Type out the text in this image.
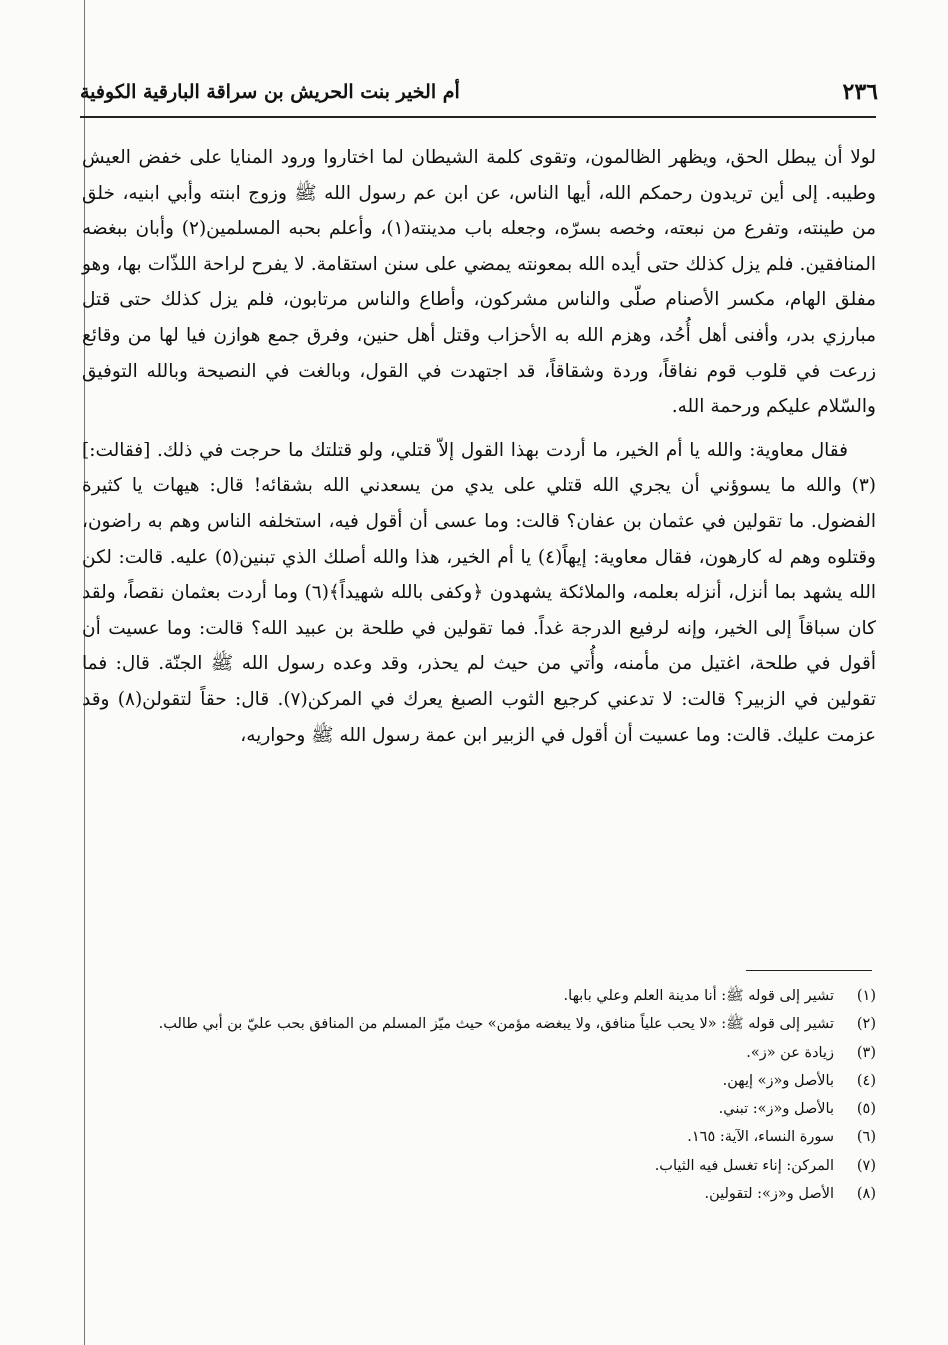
٢٣٦
أم الخير بنت الحريش بن سراقة البارقية الكوفية

لولا أن يبطل الحق، ويظهر الظالمون، وتقوى كلمة الشيطان لما اختاروا ورود المنايا على خفض العيش وطيبه. إلى أين تريدون رحمكم الله، أيها الناس، عن ابن عم رسول الله ﷺ وزوج ابنته وأبي ابنيه، خلق من طينته، وتفرع من نبعته، وخصه بسرّه، وجعله باب مدينته(١)، وأعلم بحبه المسلمين(٢) وأبان ببغضه المنافقين. فلم يزل كذلك حتى أيده الله بمعونته يمضي على سنن استقامة. لا يفرح لراحة اللذّات بها، وهو مفلق الهام، مكسر الأصنام صلّى والناس مشركون، وأطاع والناس مرتابون، فلم يزل كذلك حتى قتل مبارزي بدر، وأفنى أهل أُحُد، وهزم الله به الأحزاب وقتل أهل حنين، وفرق جمع هوازن فيا لها من وقائع زرعت في قلوب قوم نفاقاً، وردة وشقاقاً، قد اجتهدت في القول، وبالغت في النصيحة وبالله التوفيق والسّلام عليكم ورحمة الله.

فقال معاوية: والله يا أم الخير، ما أردت بهذا القول إلاّ قتلي، ولو قتلتك ما حرجت في ذلك. [فقالت:](٣) والله ما يسوؤني أن يجري الله قتلي على يدي من يسعدني الله بشقائه! قال: هيهات يا كثيرة الفضول. ما تقولين في عثمان بن عفان؟ قالت: وما عسى أن أقول فيه، استخلفه الناس وهم به راضون، وقتلوه وهم له كارهون، فقال معاوية: إيهاً(٤) يا أم الخير، هذا والله أصلك الذي تبنين(٥) عليه. قالت: لكن الله يشهد بما أنزل، أنزله بعلمه، والملائكة يشهدون ﴿وكفى بالله شهيداً﴾(٦) وما أردت بعثمان نقصاً، ولقد كان سباقاً إلى الخير، وإنه لرفيع الدرجة غداً. فما تقولين في طلحة بن عبيد الله؟ قالت: وما عسيت أن أقول في طلحة، اغتيل من مأمنه، وأُتي من حيث لم يحذر، وقد وعده رسول الله ﷺ الجنّة. قال: فما تقولين في الزبير؟ قالت: لا تدعني كرجيع الثوب الصبغ يعرك في المركن(٧). قال: حقاً لتقولن(٨) وقد عزمت عليك. قالت: وما عسيت أن أقول في الزبير ابن عمة رسول الله ﷺ وحواريه،

(١)
تشير إلى قوله ﷺ: أنا مدينة العلم وعلي بابها.
(٢)
تشير إلى قوله ﷺ: «لا يحب علياً منافق، ولا يبغضه مؤمن» حيث ميّز المسلم من المنافق بحب عليّ بن أبي طالب.
(٣)
زيادة عن «ز».
(٤)
بالأصل و«ز» إيهن.
(٥)
بالأصل و«ز»: تبني.
(٦)
سورة النساء، الآية: ١٦٥.
(٧)
المركن: إناء تغسل فيه الثياب.
(٨)
الأصل و«ز»: لتقولين.
